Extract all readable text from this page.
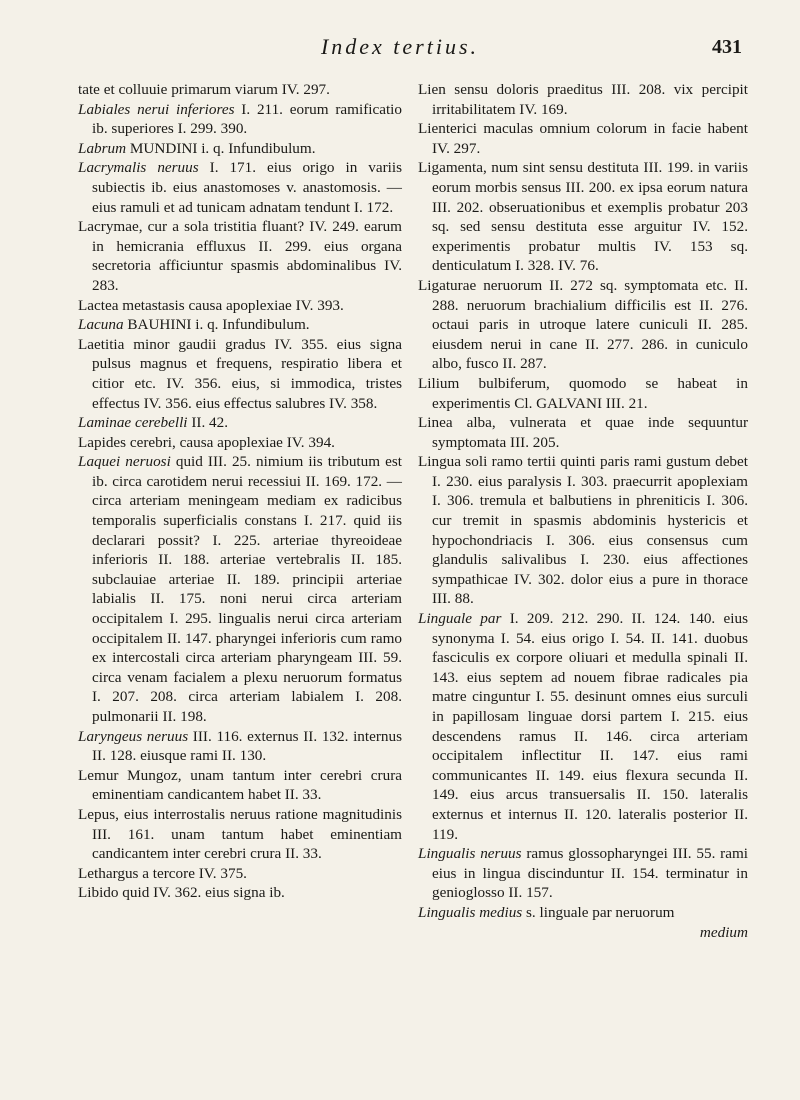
Index tertius.	431

tate et colluuie primarum viarum IV. 297.

Labiales nerui inferiores I. 211. eorum ramificatio ib. superiores I. 299. 390.

Labrum MUNDINI i. q. Infundibulum.

Lacrymalis neruus I. 171. eius origo in variis subiectis ib. eius anastomoses v. anastomosis. — eius ramuli et ad tunicam adnatam tendunt I. 172.

Lacrymae, cur a sola tristitia fluant? IV. 249. earum in hemicrania effluxus II. 299. eius organa secretoria afficiuntur spasmis abdominalibus IV. 283.

Lactea metastasis causa apoplexiae IV. 393.

Lacuna BAUHINI i. q. Infundibulum.

Laetitia minor gaudii gradus IV. 355. eius signa pulsus magnus et frequens, respiratio libera et citior etc. IV. 356. eius, si immodica, tristes effectus IV. 356. eius effectus salubres IV. 358.

Laminae cerebelli II. 42.

Lapides cerebri, causa apoplexiae IV. 394.

Laquei neruosi quid III. 25. nimium iis tributum est ib. circa carotidem nerui recessiui II. 169. 172. — circa arteriam meningeam mediam ex radicibus temporalis superficialis constans I. 217. quid iis declarari possit? I. 225. arteriae thyreoideae inferioris II. 188. arteriae vertebralis II. 185. subclauiae arteriae II. 189. principii arteriae labialis II. 175. noni nerui circa arteriam occipitalem I. 295. lingualis nerui circa arteriam occipitalem II. 147. pharyngei inferioris cum ramo ex intercostali circa arteriam pharyngeam III. 59. circa venam facialem a plexu neruorum formatus I. 207. 208. circa arteriam labialem I. 208. pulmonarii II. 198.

Laryngeus neruus III. 116. externus II. 132. internus II. 128. eiusque rami II. 130.

Lemur Mungoz, unam tantum inter cerebri crura eminentiam candicantem habet II. 33.

Lepus, eius interrostalis neruus ratione magnitudinis III. 161. unam tantum habet eminentiam candicantem inter cerebri crura II. 33.

Lethargus a tercore IV. 375.

Libido quid IV. 362. eius signa ib.

Lien sensu doloris praeditus III. 208. vix percipit irritabilitatem IV. 169.

Lienterici maculas omnium colorum in facie habent IV. 297.

Ligamenta, num sint sensu destituta III. 199. in variis eorum morbis sensus III. 200. ex ipsa eorum natura III. 202. obseruationibus et exemplis probatur 203 sq. sed sensu destituta esse arguitur IV. 152. experimentis probatur multis IV. 153 sq. denticulatum I. 328. IV. 76.

Ligaturae neruorum II. 272 sq. symptomata etc. II. 288. neruorum brachialium difficilis est II. 276. octaui paris in utroque latere cuniculi II. 285. eiusdem nerui in cane II. 277. 286. in cuniculo albo, fusco II. 287.

Lilium bulbiferum, quomodo se habeat in experimentis Cl. GALVANI III. 21.

Linea alba, vulnerata et quae inde sequuntur symptomata III. 205.

Lingua soli ramo tertii quinti paris rami gustum debet I. 230. eius paralysis I. 303. praecurrit apoplexiam I. 306. tremula et balbutiens in phreniticis I. 306. cur tremit in spasmis abdominis hystericis et hypochondriacis I. 306. eius consensus cum glandulis salivalibus I. 230. eius affectiones sympathicae IV. 302. dolor eius a pure in thorace III. 88.

Linguale par I. 209. 212. 290. II. 124. 140. eius synonyma I. 54. eius origo I. 54. II. 141. duobus fasciculis ex corpore oliuari et medulla spinali II. 143. eius septem ad nouem fibrae radicales pia matre cinguntur I. 55. desinunt omnes eius surculi in papillosam linguae dorsi partem I. 215. eius descendens ramus II. 146. circa arteriam occipitalem inflectitur II. 147. eius rami communicantes II. 149. eius flexura secunda II. 149. eius arcus transuersalis II. 150. lateralis externus et internus II. 120. lateralis posterior II. 119.

Lingualis neruus ramus glossopharyngei III. 55. rami eius in lingua discinduntur II. 154. terminatur in genioglosso II. 157.

Lingualis medius s. linguale par neruorum
medium
